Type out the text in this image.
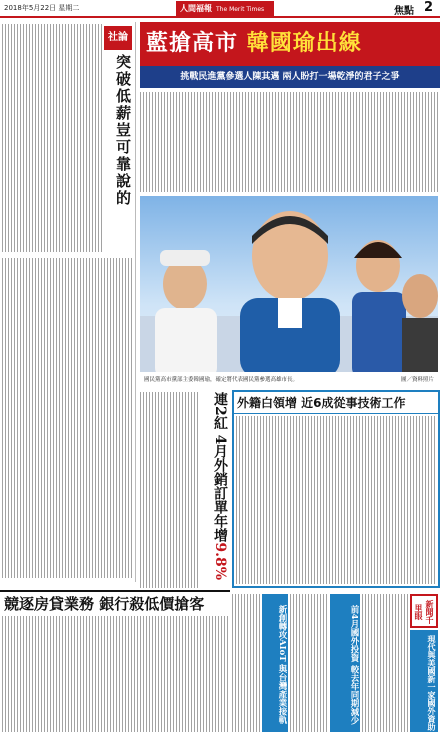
2018年5月22日 星期二	人間福報 The Merit Times	焦點 2
社論
突破低薪豈可靠說的
藍搶高市 韓國瑜出線
挑戰民進黨參選人陳其邁 兩人盼打一場乾淨的君子之爭
國民黨高市黨部主委韓國瑜，確定將代表國民黨參選高雄市長。	圖／資料照片
連2紅 4月外銷訂單年增9.8%
外籍白領增 近6成從事技術工作
競逐房貸業務 銀行殺低價搶客
新創轉攻AIoT 與台灣產業接軌	前4月國外投資 較去年同期減少	新聞千里眼
現代與美國新一家國外資助
